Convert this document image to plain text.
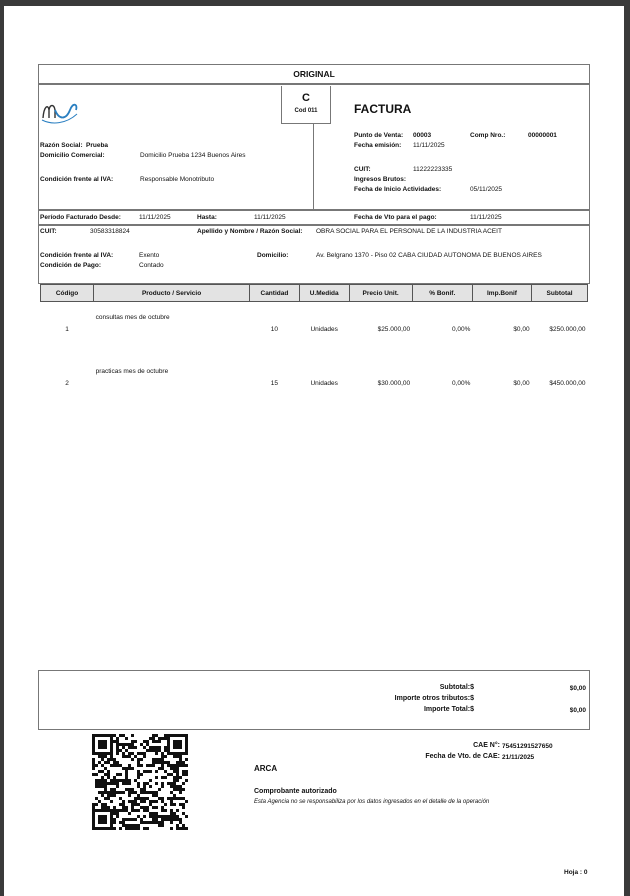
ORIGINAL
C
Cod 011
Razón Social: Prueba
Domicilio Comercial:	Domicilio Prueba 1234 Buenos Aires
Condición frente al IVA:	Responsable Monotributo
FACTURA
Punto de Venta: 00003	Comp Nro.:	00000001
Fecha emisión: 11/11/2025
CUIT:	11222223335
Ingresos Brutos:
Fecha de Inicio Actividades:	05/11/2025
Período Facturado Desde:	11/11/2025	Hasta:	11/11/2025	Fecha de Vto para el pago:	11/11/2025
CUIT:	30583318824	Apellido y Nombre / Razón Social: OBRA SOCIAL PARA EL PERSONAL DE LA INDUSTRIA ACEIT
Condición frente al IVA:	Exento	Domicilio:	Av. Belgrano 1370 - Piso 02 CABA CIUDAD AUTONOMA DE BUENOS AIRES
Condición de Pago:	Contado
Código	Producto / Servicio	Cantidad	U.Medida	Precio Unit.	% Bonif.	Imp.Bonif	Subtotal
1	consultas mes de octubre	10	Unidades	$25.000,00	0,00%	$0,00	$250.000,00
2	practicas mes de octubre	15	Unidades	$30.000,00	0,00%	$0,00	$450.000,00
Subtotal:$	$0,00
Importe otros tributos:$
Importe Total:$	$0,00
CAE N°: 75451291527650
Fecha de Vto. de CAE: 21/11/2025
ARCA
Comprobante autorizado
Esta Agencia no se responsabiliza por los datos ingresados en el detalle de la operación
Hoja : 0
